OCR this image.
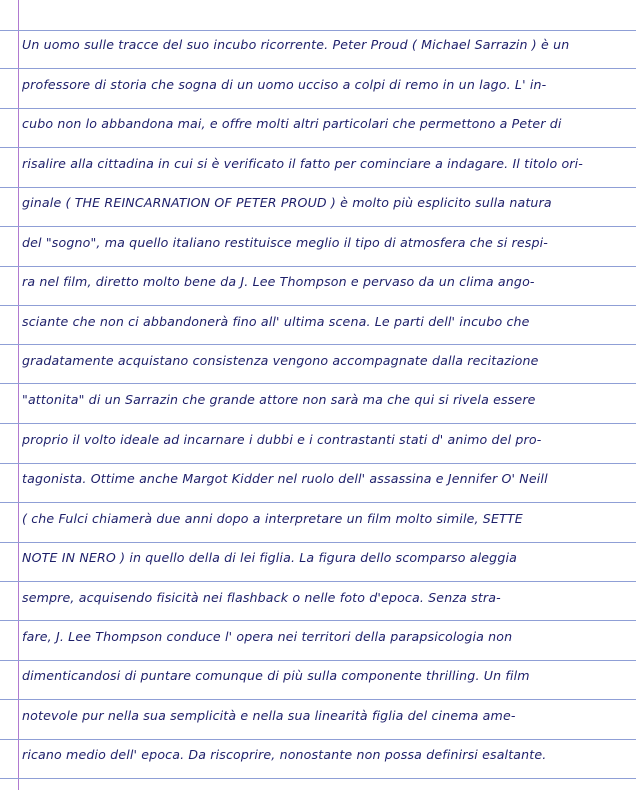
Un uomo sulle tracce del suo incubo ricorrente. Peter Proud ( Michael Sarrazin ) è un
professore di storia che sogna di un uomo ucciso a colpi di remo in un lago. L' in-
cubo non lo abbandona mai, e offre molti altri particolari che permettono a Peter di
risalire alla cittadina in cui si è verificato il fatto per cominciare a indagare. Il titolo ori-
ginale ( THE REINCARNATION OF PETER PROUD ) è molto più esplicito sulla natura
del "sogno", ma quello italiano restituisce meglio il tipo di atmosfera che si respi-
ra nel film, diretto molto bene da J. Lee Thompson e pervaso da un clima ango-
sciante che non ci abbandonerà fino all' ultima scena. Le parti dell' incubo che
gradatamente acquistano consistenza vengono accompagnate dalla recitazione
"attonita" di un Sarrazin che grande attore non sarà ma che qui si rivela essere
proprio il volto ideale ad incarnare i dubbi e i contrastanti stati d' animo del pro-
tagonista. Ottime anche Margot Kidder nel ruolo dell' assassina e Jennifer O' Neill
( che Fulci chiamerà due anni dopo a interpretare un film molto simile, SETTE
NOTE IN NERO ) in quello della di lei figlia. La figura dello scomparso aleggia
sempre, acquisendo fisicità nei flashback o nelle foto d'epoca. Senza stra-
fare, J. Lee Thompson conduce l' opera nei territori della parapsicologia non
dimenticandosi di puntare comunque di più sulla componente thrilling. Un film
notevole pur nella sua semplicità e nella sua linearità figlia del cinema ame-
ricano medio dell' epoca. Da riscoprire, nonostante non possa definirsi esaltante.
